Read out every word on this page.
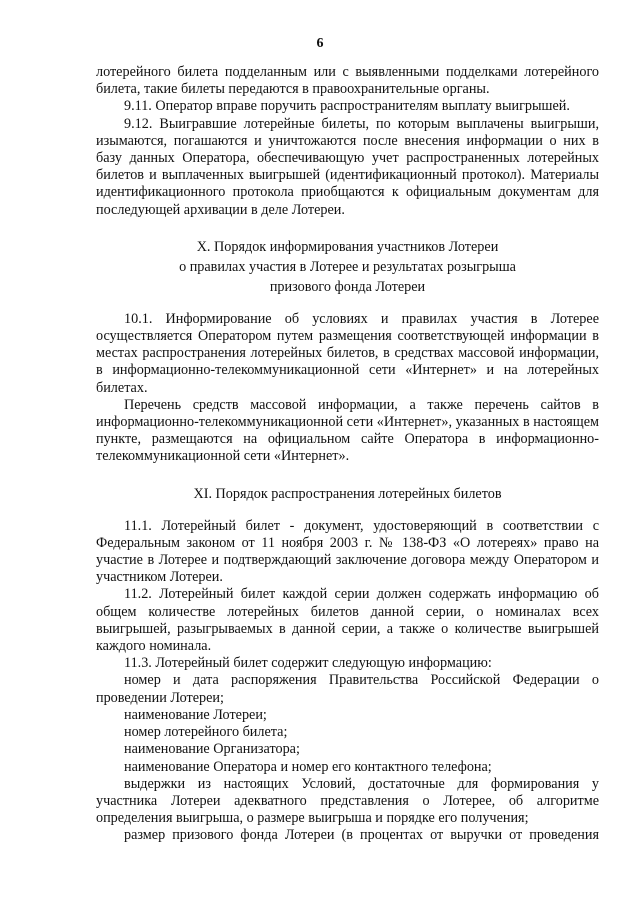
6

лотерейного билета подделанным или с выявленными подделками лотерейного билета, такие билеты передаются в правоохранительные органы.

9.11. Оператор вправе поручить распространителям выплату выигрышей.

9.12. Выигравшие лотерейные билеты, по которым выплачены выигрыши, изымаются, погашаются и уничтожаются после внесения информации о них в базу данных Оператора, обеспечивающую учет распространенных лотерейных билетов и выплаченных выигрышей (идентификационный протокол). Материалы идентификационного протокола приобщаются к официальным документам для последующей архивации в деле Лотереи.

X. Порядок информирования участников Лотереи
о правилах участия в Лотерее и результатах розыгрыша
призового фонда Лотереи

10.1. Информирование об условиях и правилах участия в Лотерее осуществляется Оператором путем размещения соответствующей информации в местах распространения лотерейных билетов, в средствах массовой информации, в информационно-телекоммуникационной сети «Интернет» и на лотерейных билетах.

Перечень средств массовой информации, а также перечень сайтов в информационно-телекоммуникационной сети «Интернет», указанных в настоящем пункте, размещаются на официальном сайте Оператора в информационно-телекоммуникационной сети «Интернет».

XI. Порядок распространения лотерейных билетов

11.1. Лотерейный билет - документ, удостоверяющий в соответствии с Федеральным законом от 11 ноября 2003 г. № 138-ФЗ «О лотереях» право на участие в Лотерее и подтверждающий заключение договора между Оператором и участником Лотереи.

11.2. Лотерейный билет каждой серии должен содержать информацию об общем количестве лотерейных билетов данной серии, о номиналах всех выигрышей, разыгрываемых в данной серии, а также о количестве выигрышей каждого номинала.

11.3. Лотерейный билет содержит следующую информацию:

номер и дата распоряжения Правительства Российской Федерации о проведении Лотереи;

наименование Лотереи;

номер лотерейного билета;

наименование Организатора;

наименование Оператора и номер его контактного телефона;

выдержки из настоящих Условий, достаточные для формирования у участника Лотереи адекватного представления о Лотерее, об алгоритме определения выигрыша, о размере выигрыша и порядке его получения;

размер призового фонда Лотереи (в процентах от выручки от проведения
